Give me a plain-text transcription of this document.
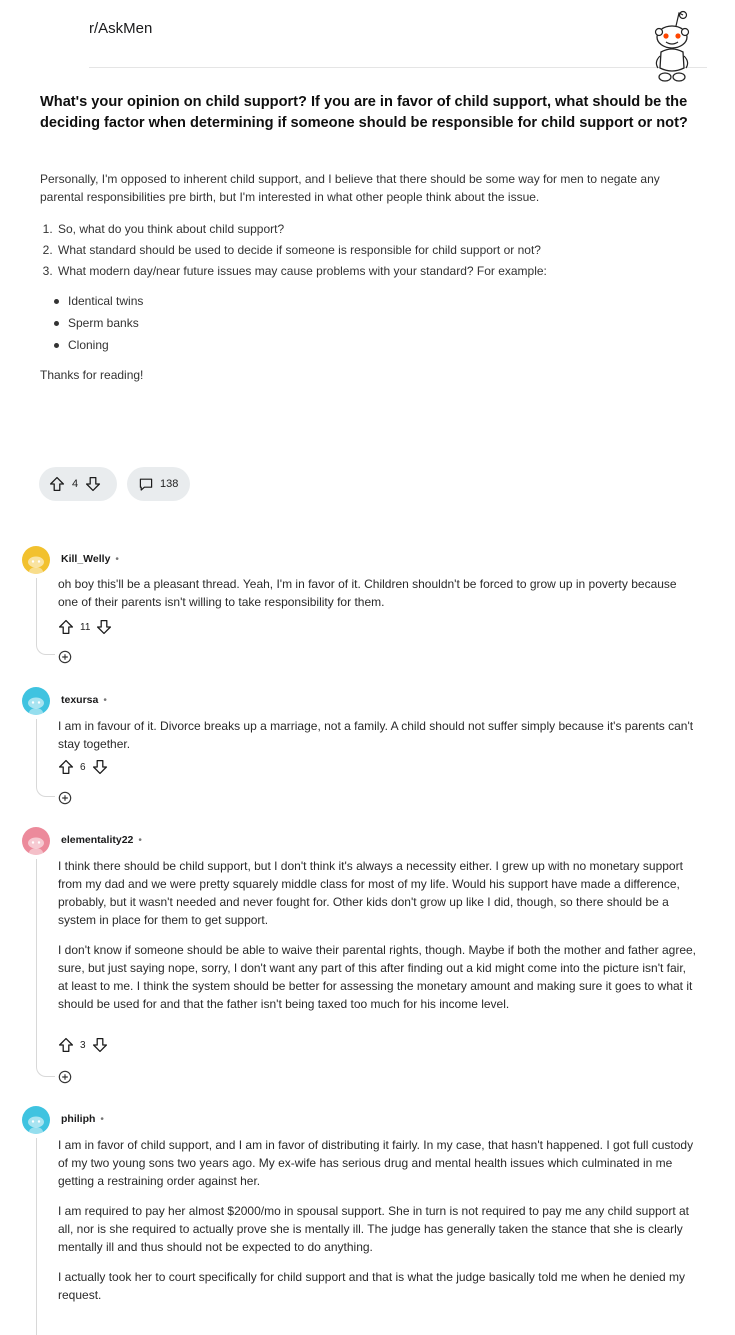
r/AskMen
What's your opinion on child support? If you are in favor of child support, what should be the deciding factor when determining if someone should be responsible for child support or not?

Personally, I'm opposed to inherent child support, and I believe that there should be some way for men to negate any parental responsibilities pre birth, but I'm interested in what other people think about the issue.

1. So, what do you think about child support?
2. What standard should be used to decide if someone is responsible for child support or not?
3. What modern day/near future issues may cause problems with your standard? For example:
Identical twins
Sperm banks
Cloning

Thanks for reading!

4	138
Kill_Welly •

oh boy this'll be a pleasant thread. Yeah, I'm in favor of it. Children shouldn't be forced to grow up in poverty because one of their parents isn't willing to take responsibility for them.

11
texursa •

I am in favour of it. Divorce breaks up a marriage, not a family. A child should not suffer simply because it's parents can't stay together.

6
elementality22 •

I think there should be child support, but I don't think it's always a necessity either. I grew up with no monetary support from my dad and we were pretty squarely middle class for most of my life. Would his support have made a difference, probably, but it wasn't needed and never fought for. Other kids don't grow up like I did, though, so there should be a system in place for them to get support.

I don't know if someone should be able to waive their parental rights, though. Maybe if both the mother and father agree, sure, but just saying nope, sorry, I don't want any part of this after finding out a kid might come into the picture isn't fair, at least to me. I think the system should be better for assessing the monetary amount and making sure it goes to what it should be used for and that the father isn't being taxed too much for his income level.

3
philiph •

I am in favor of child support, and I am in favor of distributing it fairly. In my case, that hasn't happened. I got full custody of my two young sons two years ago. My ex-wife has serious drug and mental health issues which culminated in me getting a restraining order against her.

I am required to pay her almost $2000/mo in spousal support. She in turn is not required to pay me any child support at all, nor is she required to actually prove she is mentally ill. The judge has generally taken the stance that she is clearly mentally ill and thus should not be expected to do anything.

I actually took her to court specifically for child support and that is what the judge basically told me when he denied my request.
